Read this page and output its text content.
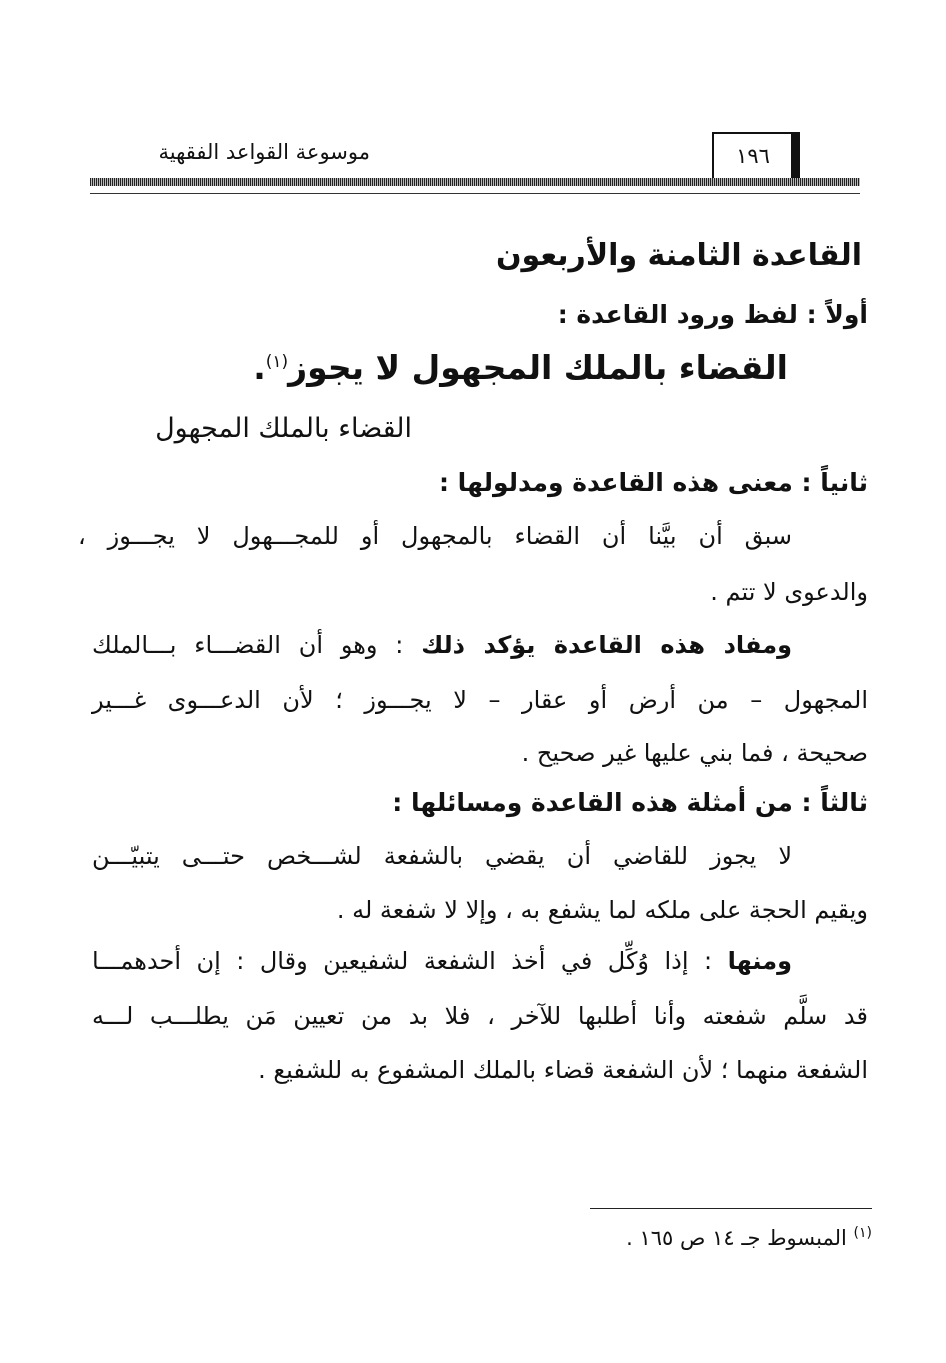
موسوعة القواعد الفقهية	١٩٦
القاعدة الثامنة والأربعون
أولاً : لفظ ورود القاعدة :
القضاء بالملك المجهول لا يجوز$^{(١)}$.
القضاء بالملك المجهول
ثانياً : معنى هذه القاعدة ومدلولها :
سبق أن بيَّنا أن القضاء بالمجهول أو للمجـــهول لا يجـــوز ،
والدعوى لا تتم .
ومفاد هذه القاعدة يؤكد ذلك : وهو أن القضـــاء بـــالملك
المجهول – من أرض أو عقار – لا يجـــوز ؛ لأن الدعـــوى غـــير
صحيحة ، فما بني عليها غير صحيح .
ثالثاً : من أمثلة هذه القاعدة ومسائلها :
لا يجوز للقاضي أن يقضي بالشفعة لشـــخص حتـــى يتبيّـــن
ويقيم الحجة على ملكه لما يشفع به ، وإلا لا شفعة له .
ومنها : إذا وُكِّل في أخذ الشفعة لشفيعين وقال : إن أحدهمـــا
قد سلَّم شفعته وأنا أطلبها للآخر ، فلا بد من تعيين مَن يطلـــب لـــه
الشفعة منهما ؛ لأن الشفعة قضاء بالملك المشفوع به للشفيع .
$^{(١)}$ المبسوط جـ ١٤ ص ١٦٥ .
